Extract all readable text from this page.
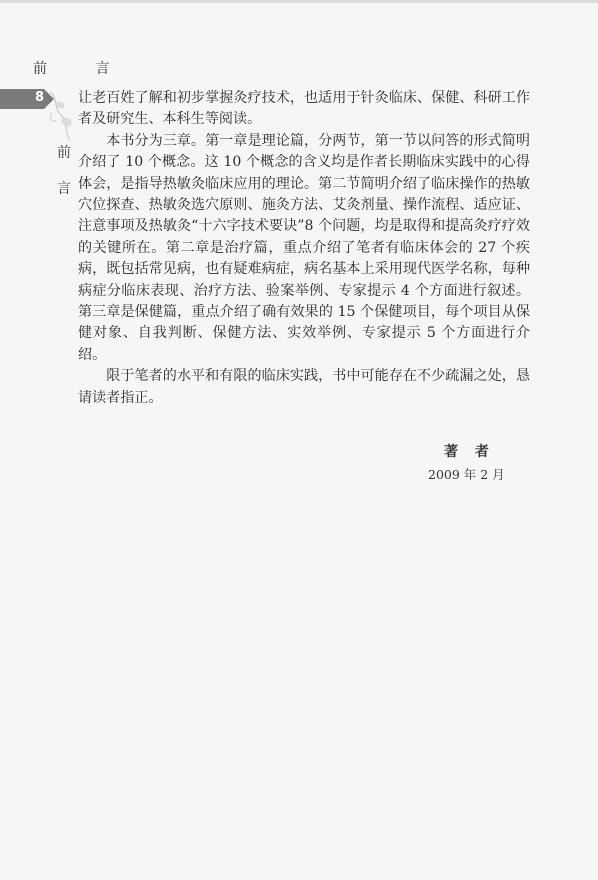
前 言
8
前
言

让老百姓了解和初步掌握灸疗技术，也适用于针灸临床、保健、科研工作者及研究生、本科生等阅读。

本书分为三章。第一章是理论篇，分两节，第一节以问答的形式简明介绍了 10 个概念。这 10 个概念的含义均是作者长期临床实践中的心得体会，是指导热敏灸临床应用的理论。第二节简明介绍了临床操作的热敏穴位探查、热敏灸选穴原则、施灸方法、艾灸剂量、操作流程、适应证、注意事项及热敏灸“十六字技术要诀”8 个问题，均是取得和提高灸疗疗效的关键所在。第二章是治疗篇，重点介绍了笔者有临床体会的 27 个疾病，既包括常见病，也有疑难病症，病名基本上采用现代医学名称，每种病症分临床表现、治疗方法、验案举例、专家提示 4 个方面进行叙述。第三章是保健篇，重点介绍了确有效果的 15 个保健项目，每个项目从保健对象、自我判断、保健方法、实效举例、专家提示 5 个方面进行介绍。

限于笔者的水平和有限的临床实践，书中可能存在不少疏漏之处，恳请读者指正。

著 者
2009 年 2 月
